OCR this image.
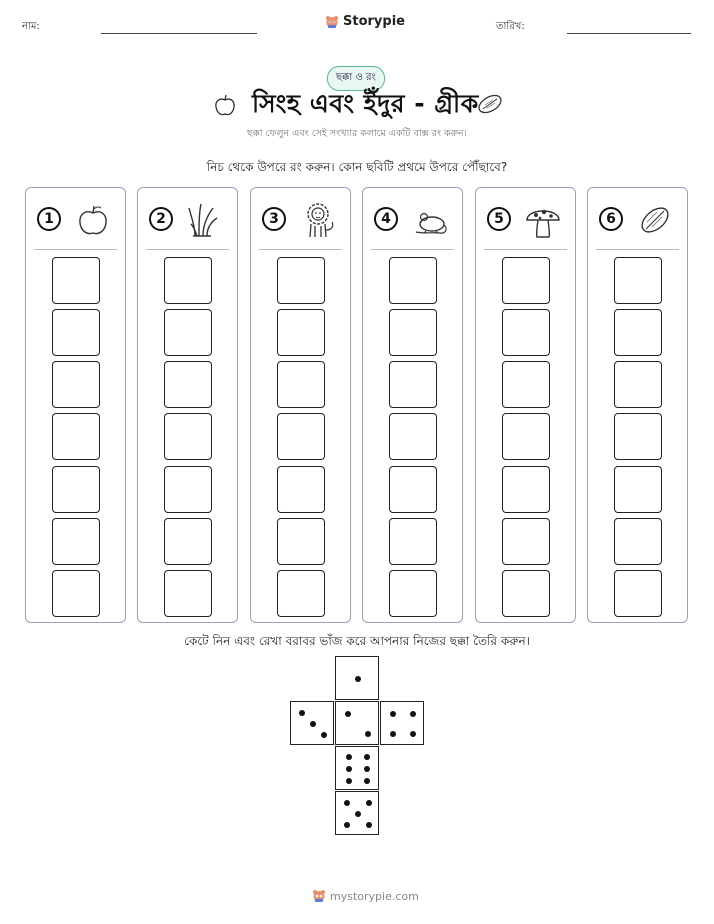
নাম:	Storypie	তারিখ:
ছক্কা ও রং
সিংহ এবং ইঁদুর - গ্রীক
ছক্কা ফেলুন এবং সেই সংখ্যার কলামে একটি বাক্স রং করুন।
নিচ থেকে উপরে রং করুন। কোন ছবিটি প্রথমে উপরে পৌঁছাবে?
1	2	3	4	5	6
কেটে নিন এবং রেখা বরাবর ভাঁজ করে আপনার নিজের ছক্কা তৈরি করুন।
mystorypie.com
